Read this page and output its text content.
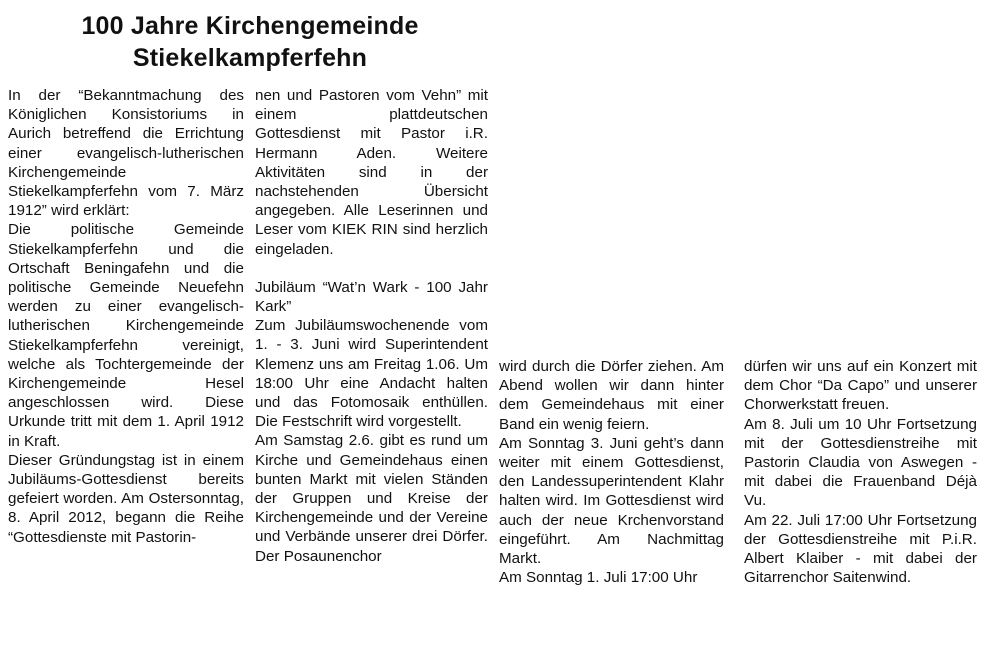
100 Jahre Kirchengemeinde
Stiekelkampferfehn

In der “Bekanntmachung des Königlichen Konsistoriums in Aurich betreffend die Errichtung einer evangelisch-lutherischen Kirchengemeinde Stiekelkampferfehn vom 7. März 1912” wird erklärt:

Die politische Gemeinde Stiekelkampferfehn und die Ortschaft Beningafehn und die politische Gemeinde Neuefehn werden zu einer evangelisch-lutherischen Kirchengemeinde Stiekelkampferfehn vereinigt, welche als Tochtergemeinde der Kirchengemeinde Hesel angeschlossen wird. Diese Urkunde tritt mit dem 1. April 1912 in Kraft.

Dieser Gründungstag ist in einem Jubiläums-Gottesdienst bereits gefeiert worden. Am Ostersonntag, 8. April 2012, begann die Reihe “Gottesdienste mit Pastorin-

nen und Pastoren vom Vehn” mit einem plattdeutschen Gottesdienst mit Pastor i.R. Hermann Aden. Weitere Aktivitäten sind in der nachstehenden Übersicht angegeben. Alle Leserinnen und Leser vom KIEK RIN sind herzlich eingeladen.

Jubiläum “Wat’n Wark - 100 Jahr Kark”

Zum Jubiläumswochenende vom 1. - 3. Juni wird Superintendent Klemenz uns am Freitag 1.06. Um 18:00 Uhr eine Andacht halten und das Fotomosaik enthüllen. Die Festschrift wird vorgestellt.

Am Samstag 2.6. gibt es rund um Kirche und Gemeindehaus einen bunten Markt mit vielen Ständen der Gruppen und Kreise der Kirchengemeinde und der Vereine und Verbände unserer drei Dörfer. Der Posaunenchor

wird durch die Dörfer ziehen. Am Abend wollen wir dann hinter dem Gemeindehaus mit einer Band ein wenig feiern.

Am Sonntag 3. Juni geht’s dann weiter mit einem Gottesdienst, den Landessuperintendent Klahr halten wird. Im Gottesdienst wird auch der neue Krchenvorstand eingeführt. Am Nachmittag Markt.

Am Sonntag 1. Juli 17:00 Uhr

dürfen wir uns auf ein Konzert mit dem Chor “Da Capo” und unserer Chorwerkstatt freuen.

Am 8. Juli um 10 Uhr Fortsetzung mit der Gottesdienstreihe mit Pastorin Claudia von Aswegen - mit dabei die Frauenband Déjà Vu.

Am 22. Juli 17:00 Uhr Fortsetzung der Gottesdienstreihe mit P.i.R. Albert Klaiber - mit dabei der Gitarrenchor Saitenwind.
